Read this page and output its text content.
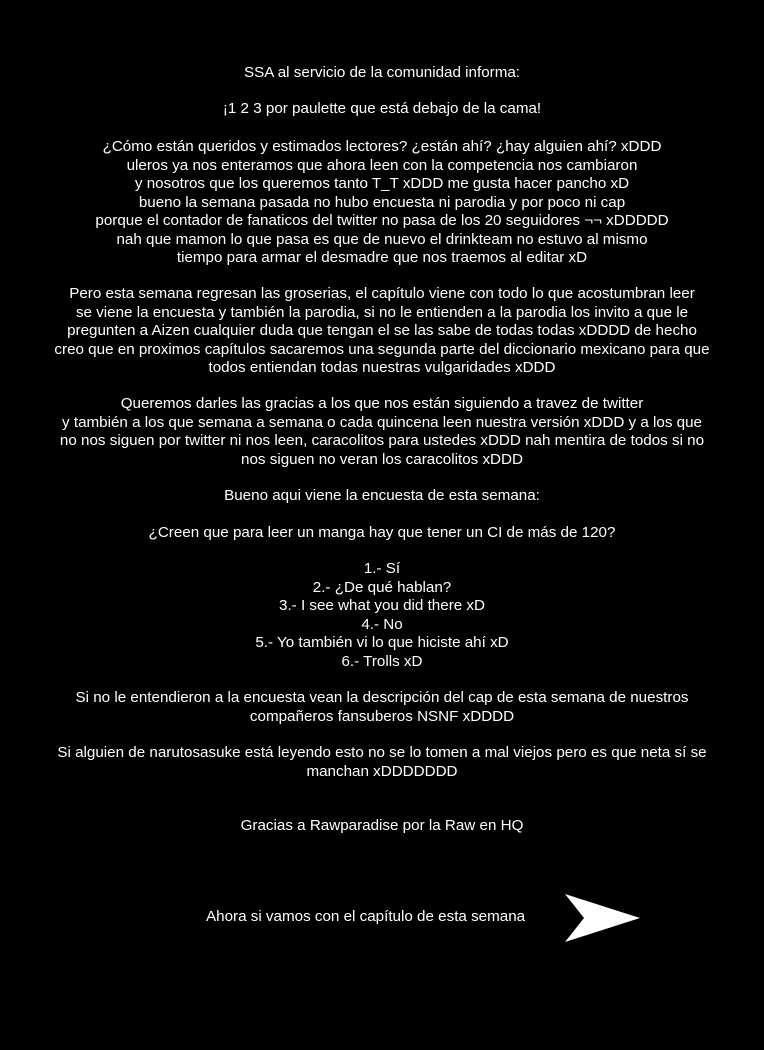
SSA al servicio de la comunidad informa:
¡1 2 3 por paulette que está debajo de la cama!
¿Cómo están queridos y estimados lectores? ¿están ahí? ¿hay alguien ahí? xDDD
uleros ya nos enteramos que ahora leen con la competencia nos cambiaron
y nosotros que los queremos tanto T_T xDDD me gusta hacer pancho xD
bueno la semana pasada no hubo encuesta ni parodia y por poco ni cap
porque el contador de fanaticos del twitter no pasa de los 20 seguidores ¬¬ xDDDDD
nah que mamon lo que pasa es que de nuevo el drinkteam no estuvo al mismo
tiempo para armar el desmadre que nos traemos al editar xD
Pero esta semana regresan las groserias, el capítulo viene con todo lo que acostumbran leer
se viene la encuesta y también la parodia, si no le entienden a la parodia los invito a que le
pregunten a Aizen cualquier duda que tengan el se las sabe de todas todas xDDDD de hecho
creo que en proximos capítulos sacaremos una segunda parte del diccionario mexicano para que
todos entiendan todas nuestras vulgaridades xDDD
Queremos darles las gracias a los que nos están siguiendo a travez de twitter
y también a los que semana a semana o cada quincena leen nuestra versión xDDD y a los que
no nos siguen por twitter ni nos leen, caracolitos para ustedes xDDD nah mentira de todos si no
nos siguen no veran los caracolitos xDDD
Bueno aqui viene la encuesta de esta semana:
¿Creen que para leer un manga hay que tener un CI de más de 120?
1.- Sí
2.- ¿De qué hablan?
3.- I see what you did there xD
4.- No
5.- Yo también vi lo que hiciste ahí xD
6.- Trolls xD
Si no le entendieron a la encuesta vean la descripción del cap de esta semana de nuestros
compañeros fansuberos NSNF xDDDD
Si alguien de narutosasuke está leyendo esto no se lo tomen a mal viejos pero es que neta sí se
manchan xDDDDDDD
Gracias a Rawparadise por la Raw en HQ
Ahora si vamos con el capítulo de esta semana
